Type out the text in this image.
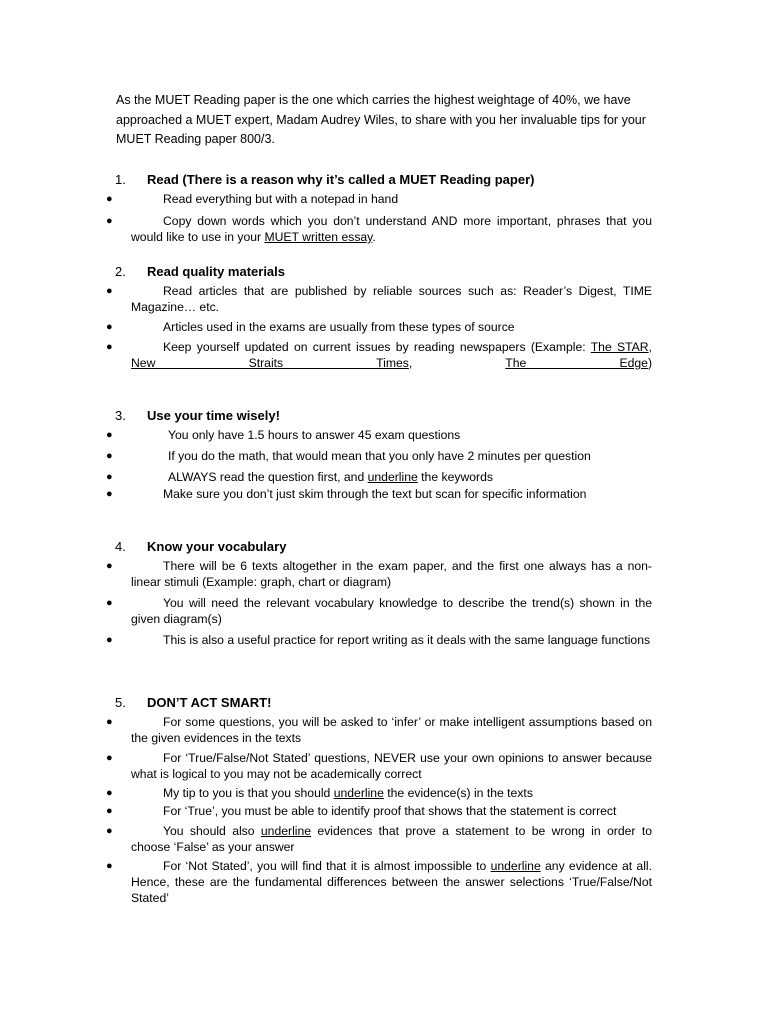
As the MUET Reading paper is the one which carries the highest weightage of 40%, we have approached a MUET expert, Madam Audrey Wiles, to share with you her invaluable tips for your MUET Reading paper 800/3.

1. Read (There is a reason why it’s called a MUET Reading paper)
●	Read everything but with a notepad in hand
●	Copy down words which you don’t understand AND more important, phrases that you would like to use in your MUET written essay.
2. Read quality materials
●	Read articles that are published by reliable sources such as: Reader’s Digest, TIME Magazine… etc.
●	Articles used in the exams are usually from these types of source
●	Keep yourself updated on current issues by reading newspapers (Example: The STAR, New Straits Times, The Edge)
3. Use your time wisely!
●	You only have 1.5 hours to answer 45 exam questions
●	If you do the math, that would mean that you only have 2 minutes per question
●	ALWAYS read the question first, and underline the keywords
●	Make sure you don’t just skim through the text but scan for specific information
4. Know your vocabulary
●	There will be 6 texts altogether in the exam paper, and the first one always has a non-linear stimuli (Example: graph, chart or diagram)
●	You will need the relevant vocabulary knowledge to describe the trend(s) shown in the given diagram(s)
●	This is also a useful practice for report writing as it deals with the same language functions
5. DON’T ACT SMART!
●	For some questions, you will be asked to ‘infer’ or make intelligent assumptions based on the given evidences in the texts
●	For ‘True/False/Not Stated’ questions, NEVER use your own opinions to answer because what is logical to you may not be academically correct
●	My tip to you is that you should underline the evidence(s) in the texts
●	For ‘True’, you must be able to identify proof that shows that the statement is correct
●	You should also underline evidences that prove a statement to be wrong in order to choose ‘False’ as your answer
●	For ‘Not Stated’, you will find that it is almost impossible to underline any evidence at all. Hence, these are the fundamental differences between the answer selections ‘True/False/Not Stated’
